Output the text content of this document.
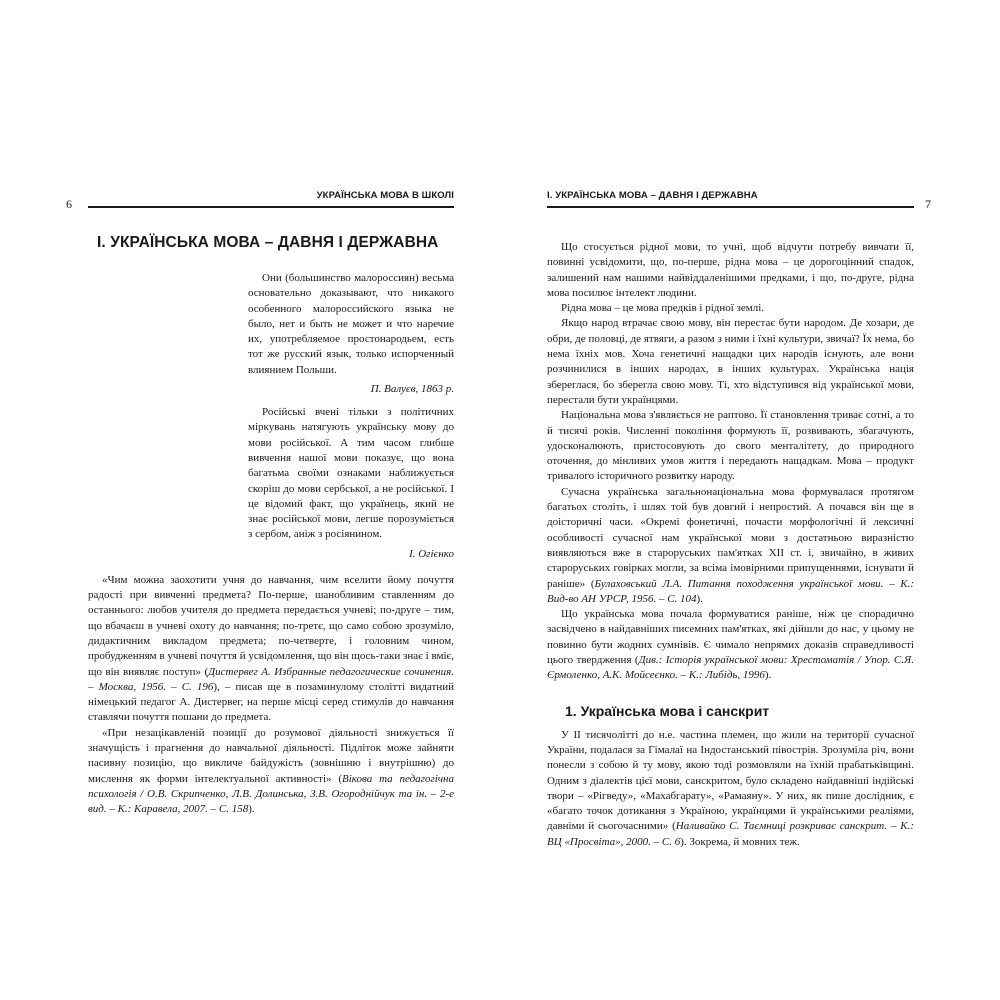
6
УКРАЇНСЬКА МОВА В ШКОЛІ
І. УКРАЇНСЬКА МОВА – ДАВНЯ І ДЕРЖАВНА

Они (большинство малороссиян) весьма основательно доказывают, что никакого особенного малороссийского языка не было, нет и быть не может и что наречие их, употребляемое простонародьем, есть тот же русский язык, только испорченный влиянием Польши.

П. Валуєв, 1863 р.

Російські вчені тільки з політичних міркувань натягують українську мову до мови російської. А тим часом глибше вивчення нашої мови показує, що вона багатьма своїми ознаками наближується скоріш до мови сербської, а не російської. І це відомий факт, що українець, який не знає російської мови, легше порозуміється з сербом, аніж з росіянином.

І. Огієнко

«Чим можна заохотити учня до навчання, чим вселити йому почуття радості при вивченні предмета? По-перше, шанобливим ставленням до останнього: любов учителя до предмета передається учневі; по-друге – тим, що вбачаєш в учневі охоту до навчання; по-третє, що само собою зрозуміло, дидактичним викладом предмета; по-четверте, і головним чином, пробудженням в учневі почуття й усвідомлення, що він щось-таки знає і вміє, що він виявляє поступ» (Дистервег А. Избранные педагогические сочинения. – Москва, 1956. – С. 196), – писав ще в позаминулому столітті видатний німецький педагог А. Дистервег, на перше місці серед стимулів до навчання ставлячи почуття пошани до предмета.

«При незацікавленій позиції до розумової діяльності знижується її значущість і прагнення до навчальної діяльності. Підліток може зайняти пасивну позицію, що викличе байдужість (зовнішню і внутрішню) до мислення як форми інтелектуальної активності» (Вікова та педагогічна психологія / О.В. Скрипченко, Л.В. Долинська, З.В. Огороднійчук та ін. – 2-е вид. – К.: Каравела, 2007. – С. 158).

7
І. УКРАЇНСЬКА МОВА – ДАВНЯ І ДЕРЖАВНА

Що стосується рідної мови, то учні, щоб відчути потребу вивчати її, повинні усвідомити, що, по-перше, рідна мова – це дорогоцінний спадок, залишений нам нашими найвіддаленішими предками, і що, по-друге, рідна мова посилює інтелект людини.

Рідна мова – це мова предків і рідної землі.

Якщо народ втрачає свою мову, він перестає бути народом. Де хозари, де обри, де половці, де ятвяги, а разом з ними і їхні культури, звичаї? Їх нема, бо нема їхніх мов. Хоча генетичні нащадки цих народів існують, але вони розчинилися в інших народах, в інших культурах. Українська нація збереглася, бо зберегла свою мову. Ті, хто відступився від української мови, перестали бути українцями.

Національна мова з'являється не раптово. Її становлення триває сотні, а то й тисячі років. Численні покоління формують її, розвивають, збагачують, удосконалюють, пристосовують до свого менталітету, до природного оточення, до мінливих умов життя і передають нащадкам. Мова – продукт тривалого історичного розвитку народу.

Сучасна українська загальнонаціональна мова формувалася протягом багатьох століть, і шлях той був довгий і непростий. А почався він ще в доісторичні часи. «Окремі фонетичні, почасти морфологічні й лексичні особливості сучасної нам української мови з достатньою виразністю виявляються вже в староруських пам'ятках XII ст. і, звичайно, в живих староруських говірках могли, за всіма імовірними припущеннями, існувати й раніше» (Булаховський Л.А. Питання походження української мови. – К.: Вид-во АН УРСР, 1956. – С. 104).

Що українська мова почала формуватися раніше, ніж це спорадично засвідчено в найдавніших писемних пам'ятках, які дійшли до нас, у цьому не повинно бути жодних сумнівів. Є чимало непрямих доказів справедливості цього твердження (Див.: Історія української мови: Хрестоматія / Упор. С.Я. Єрмоленко, А.К. Мойсеєнко. – К.: Либідь, 1996).

1. Українська мова і санскрит

У ІІ тисячолітті до н.е. частина племен, що жили на території сучасної України, подалася за Гімалаї на Індостанський півострів. Зрозуміла річ, вони понесли з собою й ту мову, якою тоді розмовляли на їхній прабатьківщині. Одним з діалектів цієї мови, санскритом, було складено найдавніші індійські твори – «Рігведу», «Махабгарату», «Рамаяну». У них, як пише дослідник, є «багато точок дотикання з Україною, українцями й українськими реаліями, давніми й сьогочасними» (Наливайко С. Таємниці розкриває санскрит. – К.: ВЦ «Просвіта», 2000. – С. 6). Зокрема, й мовних теж.
